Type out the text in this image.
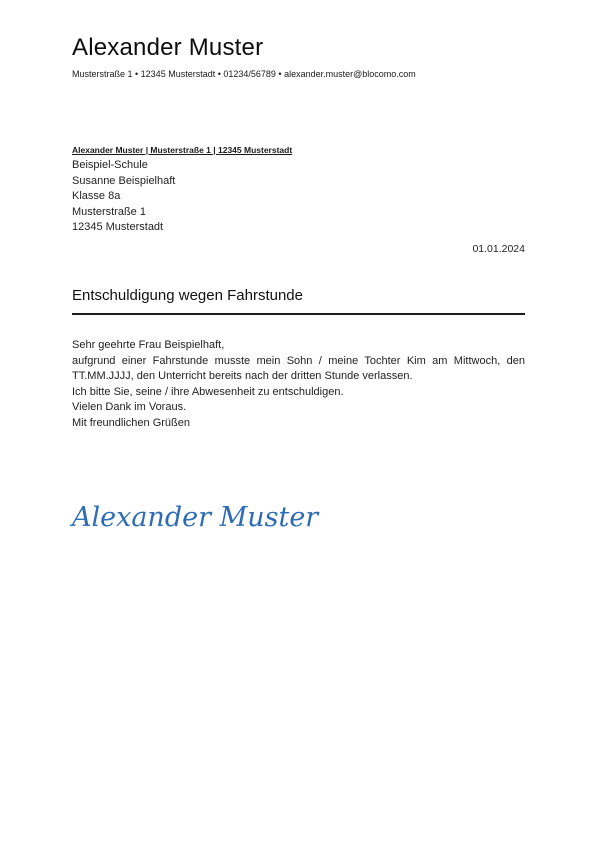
Alexander Muster
Musterstraße 1 • 12345 Musterstadt • 01234/56789 • alexander.muster@blocomo.com
Alexander Muster | Musterstraße 1 | 12345 Musterstadt
Beispiel-Schule
Susanne Beispielhaft
Klasse 8a
Musterstraße 1
12345 Musterstadt
01.01.2024
Entschuldigung wegen Fahrstunde

Sehr geehrte Frau Beispielhaft,

aufgrund einer Fahrstunde musste mein Sohn / meine Tochter Kim am Mittwoch, den TT.MM.JJJJ, den Unterricht bereits nach der dritten Stunde verlassen.

Ich bitte Sie, seine / ihre Abwesenheit zu entschuldigen.

Vielen Dank im Voraus.

Mit freundlichen Grüßen

Alexander Muster
